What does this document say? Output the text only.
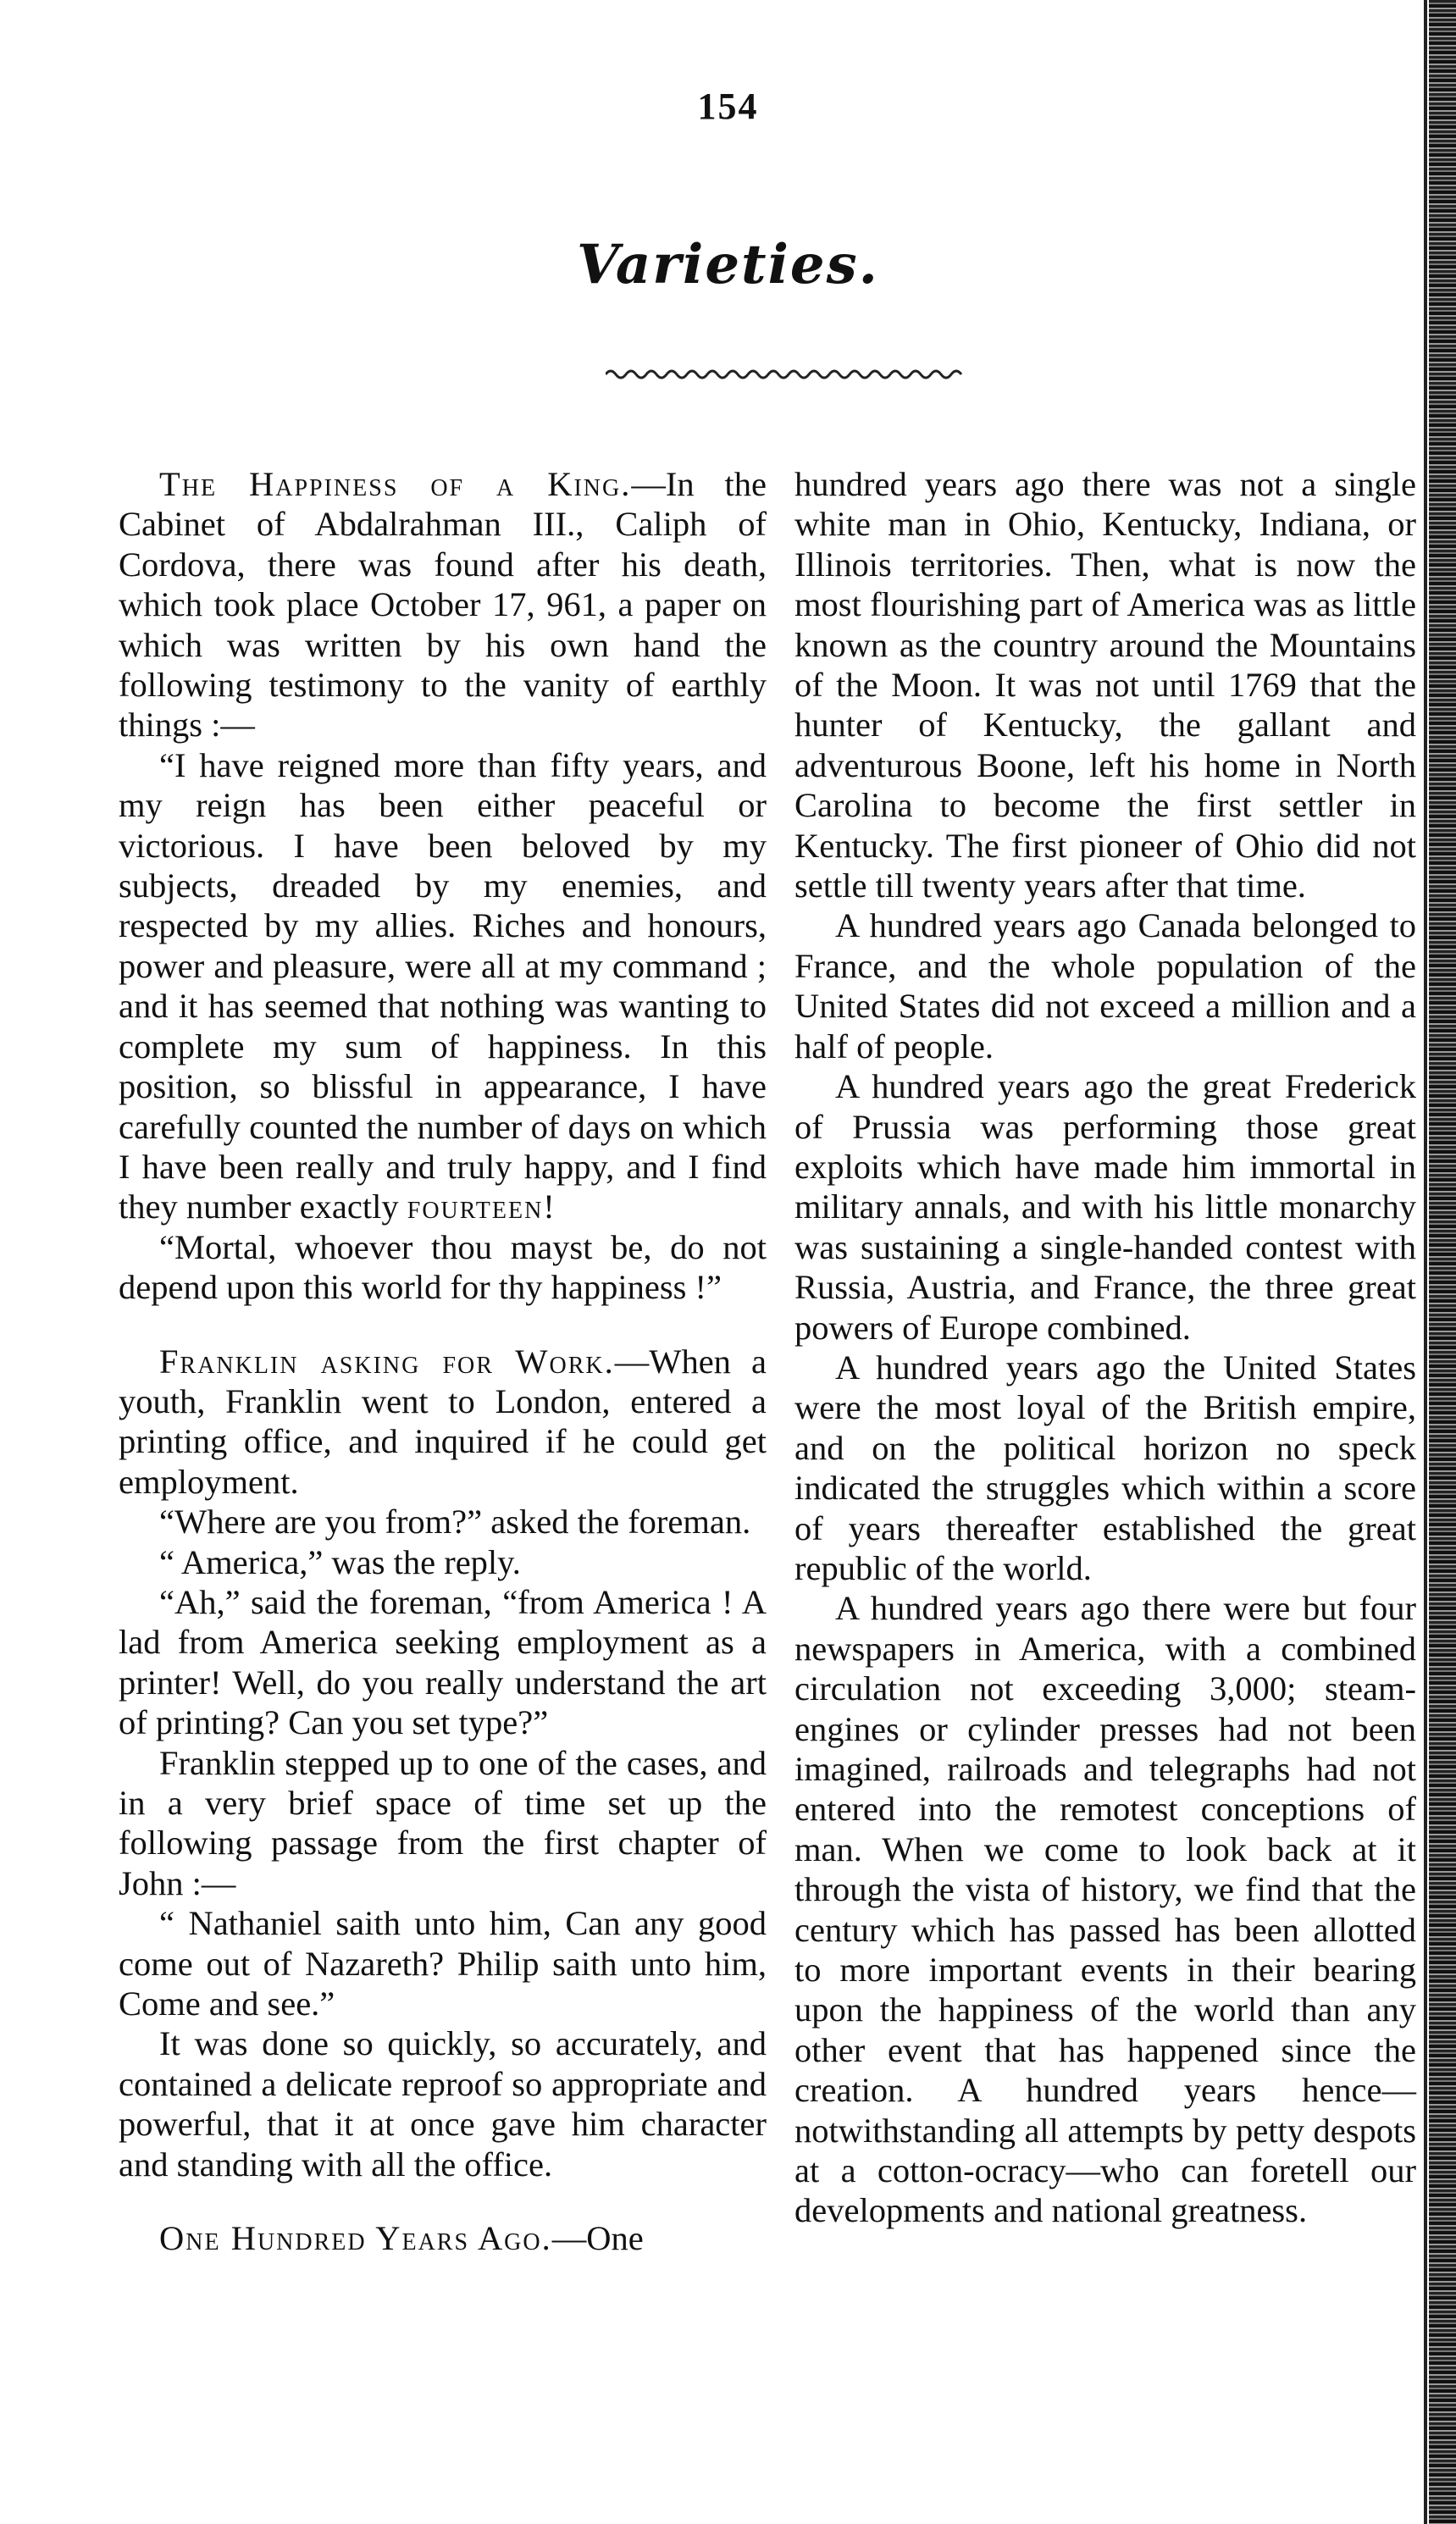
154
Varieties.

The Happiness of a King.—In the Cabinet of Abdalrahman III., Caliph of Cordova, there was found after his death, which took place October 17, 961, a paper on which was written by his own hand the following testimony to the vanity of earthly things :—

“I have reigned more than fifty years, and my reign has been either peaceful or victorious. I have been beloved by my subjects, dreaded by my enemies, and respected by my allies. Riches and honours, power and pleasure, were all at my command ; and it has seemed that nothing was wanting to complete my sum of happiness. In this position, so blissful in appearance, I have carefully counted the number of days on which I have been really and truly happy, and I find they number exactly fourteen!

“Mortal, whoever thou mayst be, do not depend upon this world for thy happiness !”

Franklin asking for Work.—When a youth, Franklin went to London, entered a printing office, and inquired if he could get employment.

“Where are you from?” asked the foreman.

“ America,” was the reply.

“Ah,” said the foreman, “from America ! A lad from America seeking employment as a printer! Well, do you really understand the art of printing? Can you set type?”

Franklin stepped up to one of the cases, and in a very brief space of time set up the following passage from the first chapter of John :—

“ Nathaniel saith unto him, Can any good come out of Nazareth? Philip saith unto him, Come and see.”

It was done so quickly, so accurately, and contained a delicate reproof so appropriate and powerful, that it at once gave him character and standing with all the office.

One Hundred Years Ago.—One

hundred years ago there was not a single white man in Ohio, Kentucky, Indiana, or Illinois territories. Then, what is now the most flourishing part of America was as little known as the country around the Mountains of the Moon. It was not until 1769 that the hunter of Kentucky, the gallant and adventurous Boone, left his home in North Carolina to become the first settler in Kentucky. The first pioneer of Ohio did not settle till twenty years after that time.

A hundred years ago Canada belonged to France, and the whole population of the United States did not exceed a million and a half of people.

A hundred years ago the great Frederick of Prussia was performing those great exploits which have made him immortal in military annals, and with his little monarchy was sustaining a single-handed contest with Russia, Austria, and France, the three great powers of Europe combined.

A hundred years ago the United States were the most loyal of the British empire, and on the political horizon no speck indicated the struggles which within a score of years thereafter established the great republic of the world.

A hundred years ago there were but four newspapers in America, with a combined circulation not exceeding 3,000; steam-engines or cylinder presses had not been imagined, railroads and telegraphs had not entered into the remotest conceptions of man. When we come to look back at it through the vista of history, we find that the century which has passed has been allotted to more important events in their bearing upon the happiness of the world than any other event that has happened since the creation. A hundred years hence—notwithstanding all attempts by petty despots at a cotton-ocracy—who can foretell our developments and national greatness.
